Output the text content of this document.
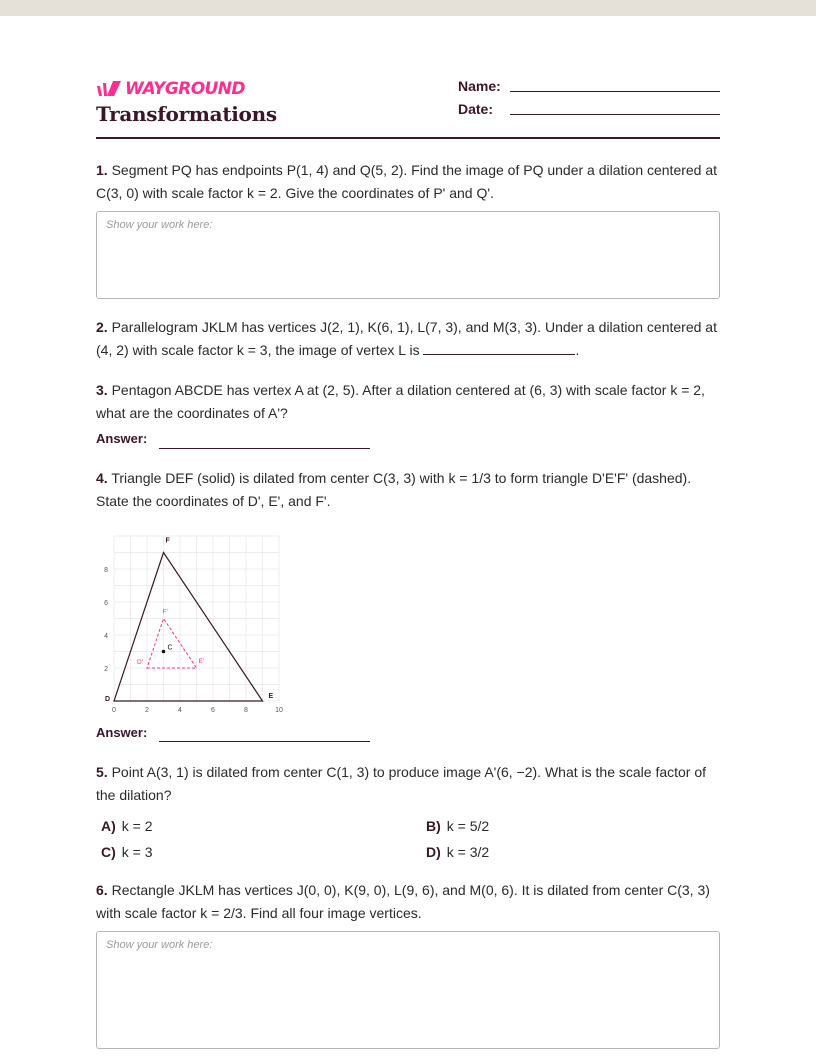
WAYGROUND
Transformations
Name:
Date:
1. Segment PQ has endpoints P(1, 4) and Q(5, 2). Find the image of PQ under a dilation centered at C(3, 0) with scale factor k = 2. Give the coordinates of P' and Q'.
Show your work here:
2. Parallelogram JKLM has vertices J(2, 1), K(6, 1), L(7, 3), and M(3, 3). Under a dilation centered at (4, 2) with scale factor k = 3, the image of vertex L is	.
3. Pentagon ABCDE has vertex A at (2, 5). After a dilation centered at (6, 3) with scale factor k = 2, what are the coordinates of A'?
Answer:
4. Triangle DEF (solid) is dilated from center C(3, 3) with k = 1/3 to form triangle D'E'F' (dashed). State the coordinates of D', E', and F'.
0	2	4	6	8	10
2
4
6
8
D	E
F
D'	E'
F'
C
Answer:
5. Point A(3, 1) is dilated from center C(1, 3) to produce image A'(6, −2). What is the scale factor of the dilation?
A) k = 2	B) k = 5/2
C) k = 3	D) k = 3/2
6. Rectangle JKLM has vertices J(0, 0), K(9, 0), L(9, 6), and M(0, 6). It is dilated from center C(3, 3) with scale factor k = 2/3. Find all four image vertices.
Show your work here:
